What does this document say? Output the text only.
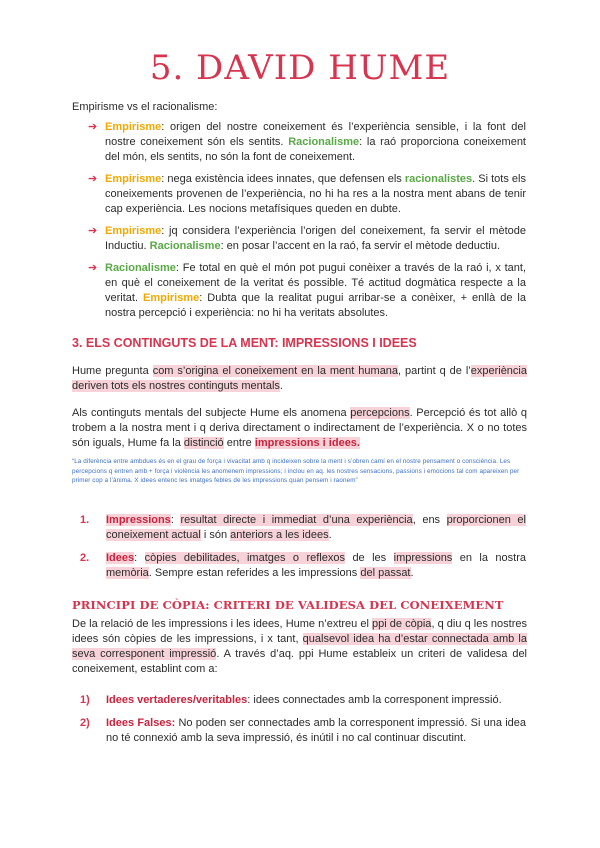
5. DAVID HUME

Empirisme vs el racionalisme:

➔ Empirisme: origen del nostre coneixement és l’experiència sensible, i la font del nostre coneixement són els sentits. Racionalisme: la raó proporciona coneixement del món, els sentits, no són la font de coneixement.
➔ Empirisme: nega existència idees innates, que defensen els racionalistes. Si tots els coneixements provenen de l’experiència, no hi ha res a la nostra ment abans de tenir cap experiència. Les nocions metafísiques queden en dubte.
➔ Empirisme: jq considera l’experiència l’origen del coneixement, fa servir el mètode Inductiu. Racionalisme: en posar l’accent en la raó, fa servir el mètode deductiu.
➔ Racionalisme: Fe total en què el món pot pugui conèixer a través de la raó i, x tant, en què el coneixement de la veritat és possible. Té actitud dogmàtica respecte a la veritat. Empirisme: Dubta que la realitat pugui arribar-se a conèixer, + enllà de la nostra percepció i experiència: no hi ha veritats absolutes.
3. ELS CONTINGUTS DE LA MENT: IMPRESSIONS I IDEES

Hume pregunta com s’origina el coneixement en la ment humana, partint q de l’experiència deriven tots els nostres continguts mentals.

Als continguts mentals del subjecte Hume els anomena percepcions. Percepció és tot allò q trobem a la nostra ment i q deriva directament o indirectament de l’experiència. X o no totes són iguals, Hume fa la distinció entre impressions i idees.

“La diferència entre ambdues és en el grau de força i vivacitat amb q incideixen sobre la ment i s’obren camí en el nostre pensament o consciència. Les percepcions q entren amb + força i violència les anomenem impressions; i inclou en aq. les nostres sensacions, passions i emocions tal com apareixen per primer cop a l’ànima. X idees entenc les imatges febles de les impressions quan pensem i raonem”

1. Impressions: resultat directe i immediat d’una experiència, ens proporcionen el coneixement actual i són anteriors a les idees.
2. Idees: còpies debilitades, imatges o reflexos de les impressions en la nostra memòria. Sempre estan referides a les impressions del passat.
PRINCIPI DE CÒPIA: CRITERI DE VALIDESA DEL CONEIXEMENT

De la relació de les impressions i les idees, Hume n’extreu el ppi de còpia, q diu q les nostres idees són còpies de les impressions, i x tant, qualsevol idea ha d’estar connectada amb la seva corresponent impressió. A través d’aq. ppi Hume estableix un criteri de validesa del coneixement, establint com a:

1) Idees vertaderes/veritables: idees connectades amb la corresponent impressió.
2) Idees Falses: No poden ser connectades amb la corresponent impressió. Si una idea no té connexió amb la seva impressió, és inútil i no cal continuar discutint.
